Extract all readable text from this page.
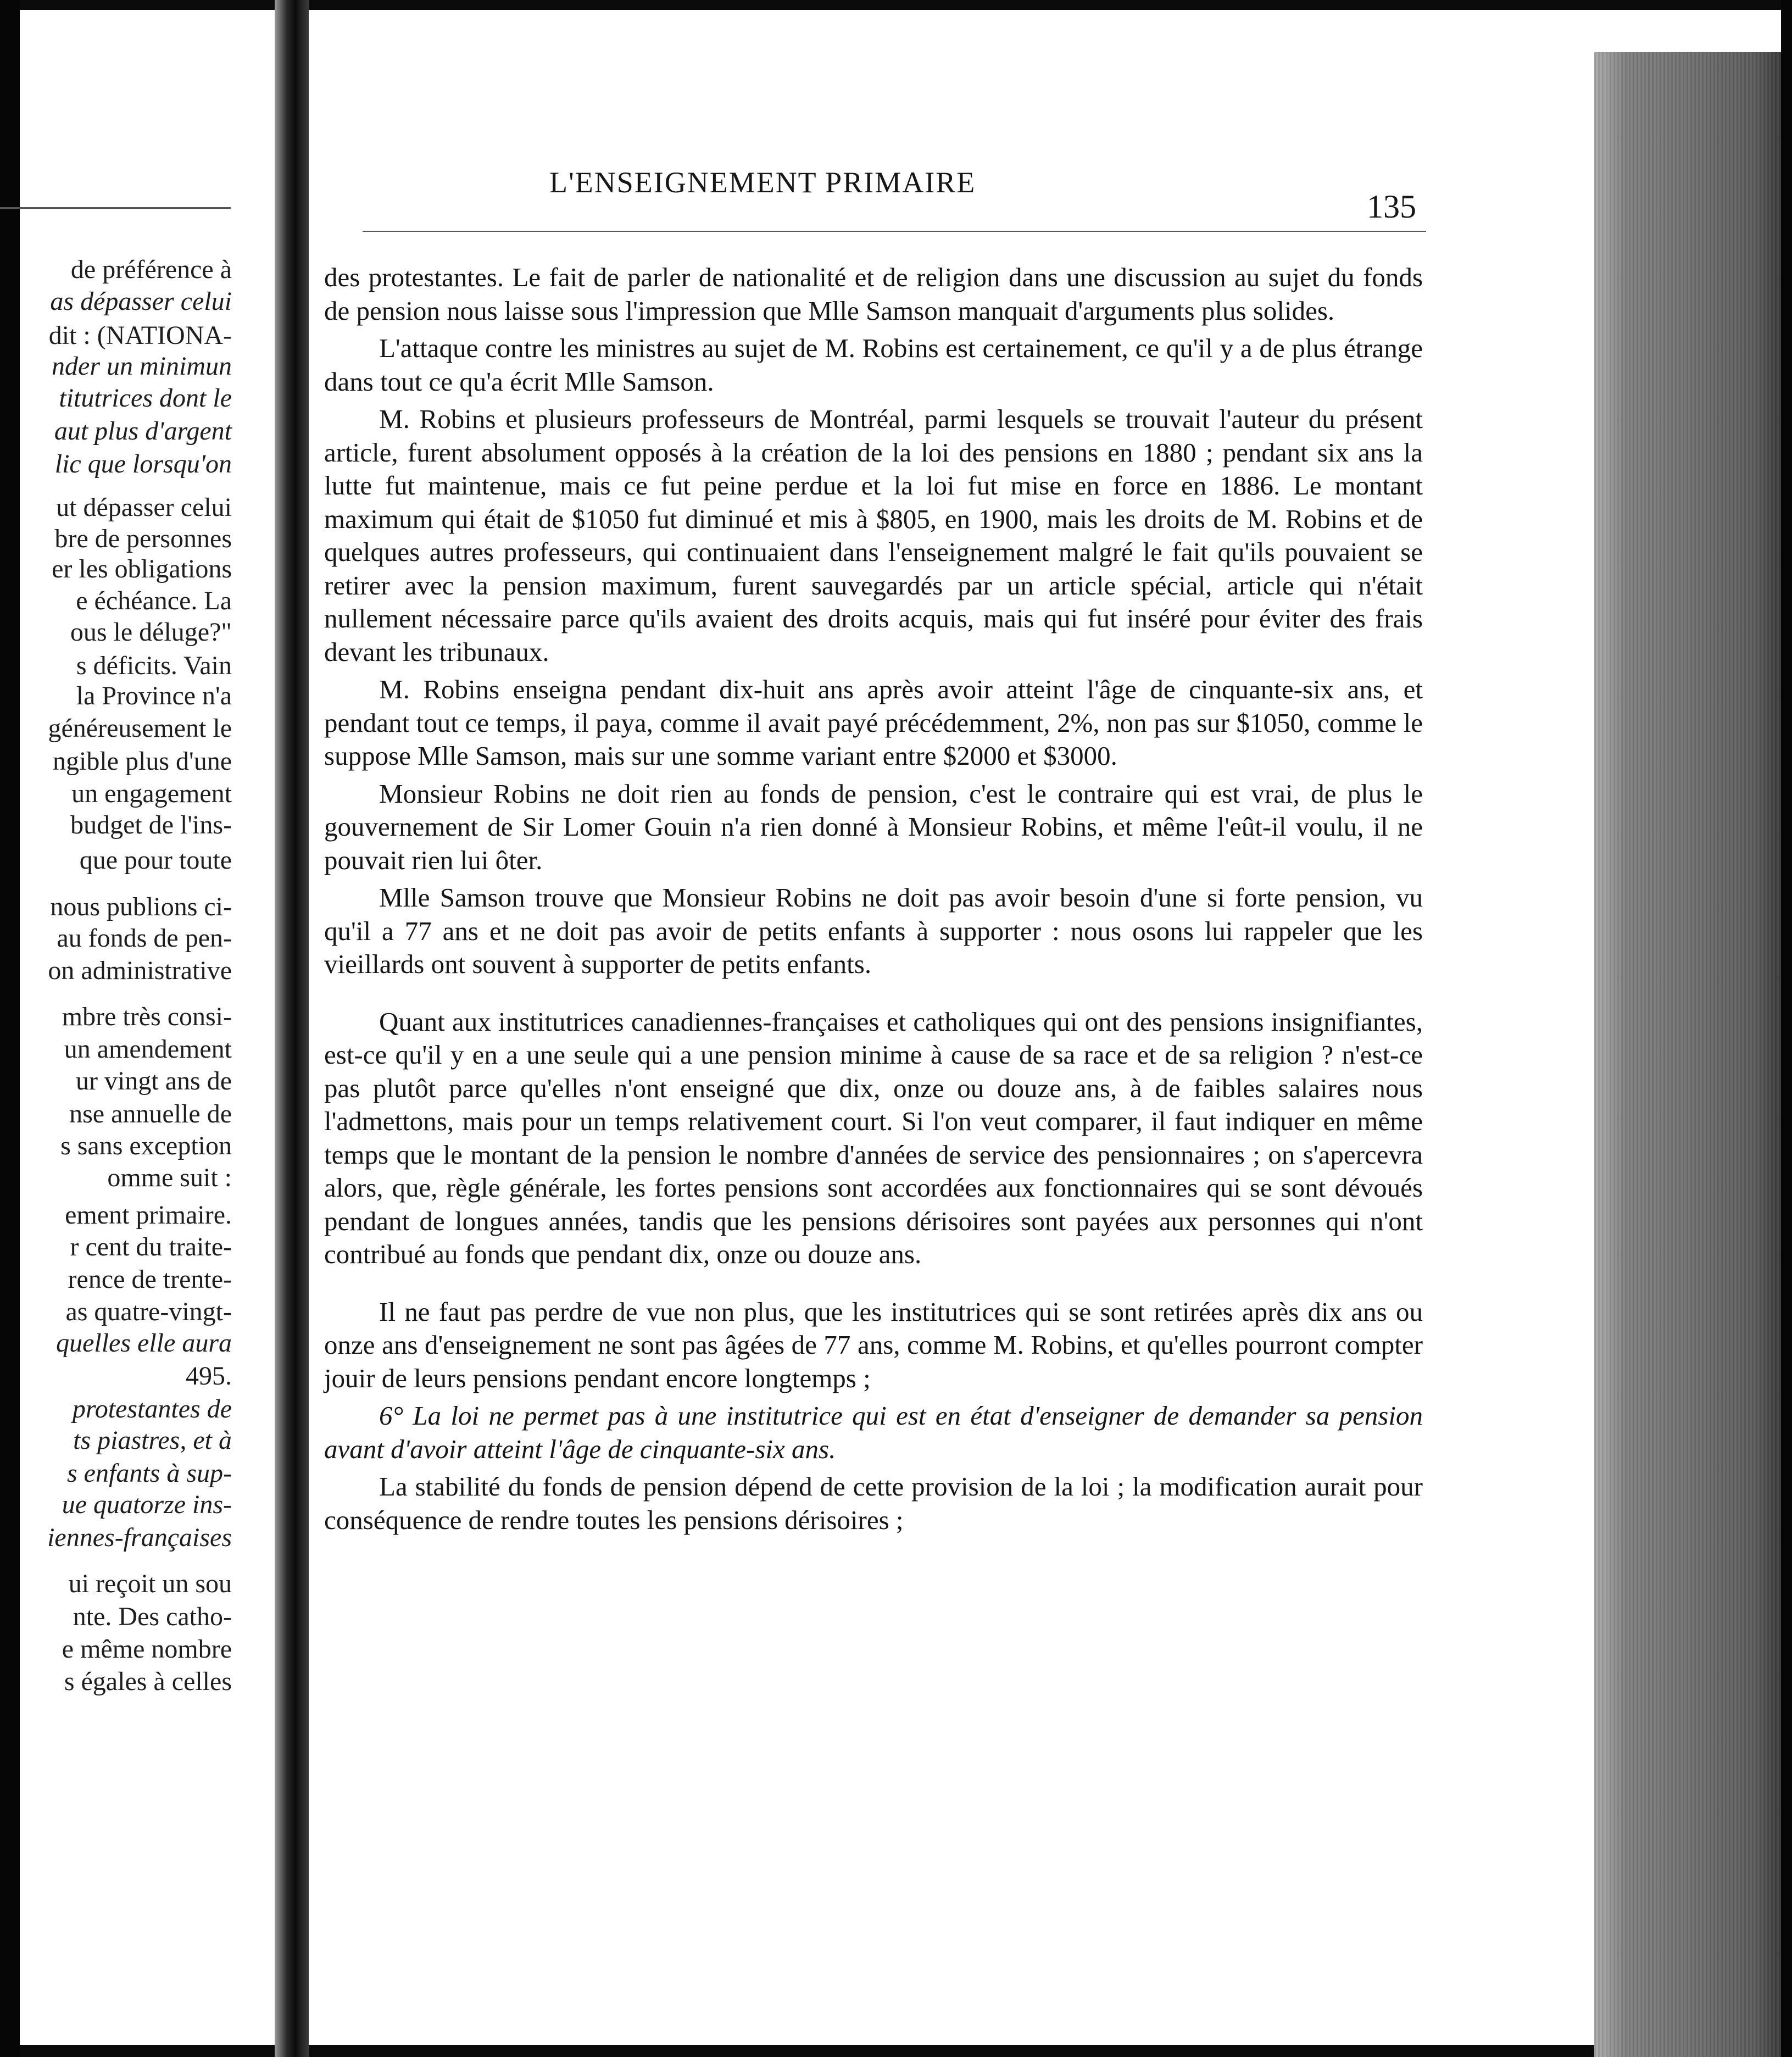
de préférence à
as dépasser celui
dit : (NATIONA-
nder un minimun
titutrices dont le
aut plus d'argent
lic que lorsqu'on
ut dépasser celui
bre de personnes
er les obligations
e échéance. La
ous le déluge?"
s déficits. Vain
la Province n'a
généreusement le
ngible plus d'une
un engagement
budget de l'ins-
que pour toute
nous publions ci-
au fonds de pen-
on administrative
mbre très consi-
un amendement
ur vingt ans de
nse annuelle de
s sans exception
omme suit :
ement primaire.
r cent du traite-
rence de trente-
as quatre-vingt-
quelles elle aura
495.
protestantes de
ts piastres, et à
s enfants à sup-
ue quatorze ins-
iennes-françaises
ui reçoit un sou
nte. Des catho-
e même nombre
s égales à celles
L'ENSEIGNEMENT PRIMAIRE
135

des protestantes. Le fait de parler de nationalité et de religion dans une discussion au sujet du fonds de pension nous laisse sous l'impression que Mlle Samson manquait d'arguments plus solides.

L'attaque contre les ministres au sujet de M. Robins est certainement, ce qu'il y a de plus étrange dans tout ce qu'a écrit Mlle Samson.

M. Robins et plusieurs professeurs de Montréal, parmi lesquels se trouvait l'auteur du présent article, furent absolument opposés à la création de la loi des pensions en 1880 ; pendant six ans la lutte fut maintenue, mais ce fut peine perdue et la loi fut mise en force en 1886. Le montant maximum qui était de $1050 fut diminué et mis à $805, en 1900, mais les droits de M. Robins et de quelques autres professeurs, qui continuaient dans l'enseignement malgré le fait qu'ils pouvaient se retirer avec la pension maximum, furent sauvegardés par un article spécial, article qui n'était nullement nécessaire parce qu'ils avaient des droits acquis, mais qui fut inséré pour éviter des frais devant les tribunaux.

M. Robins enseigna pendant dix-huit ans après avoir atteint l'âge de cinquante-six ans, et pendant tout ce temps, il paya, comme il avait payé précédemment, 2%, non pas sur $1050, comme le suppose Mlle Samson, mais sur une somme variant entre $2000 et $3000.

Monsieur Robins ne doit rien au fonds de pension, c'est le contraire qui est vrai, de plus le gouvernement de Sir Lomer Gouin n'a rien donné à Monsieur Robins, et même l'eût-il voulu, il ne pouvait rien lui ôter.

Mlle Samson trouve que Monsieur Robins ne doit pas avoir besoin d'une si forte pension, vu qu'il a 77 ans et ne doit pas avoir de petits enfants à supporter : nous osons lui rappeler que les vieillards ont souvent à supporter de petits enfants.

Quant aux institutrices canadiennes-françaises et catholiques qui ont des pensions insignifiantes, est-ce qu'il y en a une seule qui a une pension minime à cause de sa race et de sa religion ? n'est-ce pas plutôt parce qu'elles n'ont enseigné que dix, onze ou douze ans, à de faibles salaires nous l'admettons, mais pour un temps relativement court. Si l'on veut comparer, il faut indiquer en même temps que le montant de la pension le nombre d'années de service des pensionnaires ; on s'apercevra alors, que, règle générale, les fortes pensions sont accordées aux fonctionnaires qui se sont dévoués pendant de longues années, tandis que les pensions dérisoires sont payées aux personnes qui n'ont contribué au fonds que pendant dix, onze ou douze ans.

Il ne faut pas perdre de vue non plus, que les institutrices qui se sont retirées après dix ans ou onze ans d'enseignement ne sont pas âgées de 77 ans, comme M. Robins, et qu'elles pourront compter jouir de leurs pensions pendant encore longtemps ;

6° La loi ne permet pas à une institutrice qui est en état d'enseigner de demander sa pension avant d'avoir atteint l'âge de cinquante-six ans.

La stabilité du fonds de pension dépend de cette provision de la loi ; la modification aurait pour conséquence de rendre toutes les pensions dérisoires ;
